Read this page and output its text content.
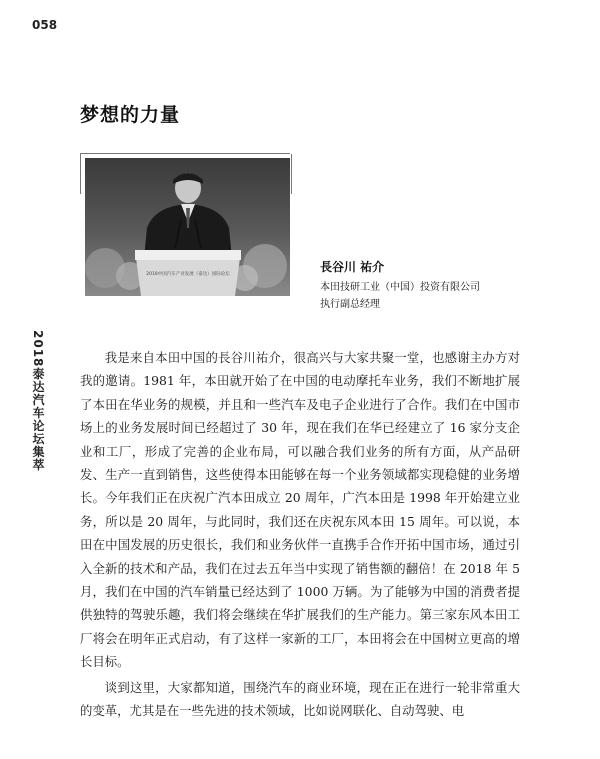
058
2018泰达汽车论坛集萃
梦想的力量
2018中国汽车产业发展（泰达）国际论坛
長谷川 祐介
本田技研工业（中国）投资有限公司
执行副总经理

我是来自本田中国的長谷川祐介，很高兴与大家共聚一堂，也感谢主办方对我的邀请。1981 年，本田就开始了在中国的电动摩托车业务，我们不断地扩展了本田在华业务的规模，并且和一些汽车及电子企业进行了合作。我们在中国市场上的业务发展时间已经超过了 30 年，现在我们在华已经建立了 16 家分支企业和工厂，形成了完善的企业布局，可以融合我们业务的所有方面，从产品研发、生产一直到销售，这些使得本田能够在每一个业务领域都实现稳健的业务增长。今年我们正在庆祝广汽本田成立 20 周年，广汽本田是 1998 年开始建立业务，所以是 20 周年，与此同时，我们还在庆祝东风本田 15 周年。可以说，本田在中国发展的历史很长，我们和业务伙伴一直携手合作开拓中国市场，通过引入全新的技术和产品，我们在过去五年当中实现了销售额的翻倍！在 2018 年 5 月，我们在中国的汽车销量已经达到了 1000 万辆。为了能够为中国的消费者提供独特的驾驶乐趣，我们将会继续在华扩展我们的生产能力。第三家东风本田工厂将会在明年正式启动，有了这样一家新的工厂，本田将会在中国树立更高的增长目标。

谈到这里，大家都知道，围绕汽车的商业环境，现在正在进行一轮非常重大的变革，尤其是在一些先进的技术领域，比如说网联化、自动驾驶、电
